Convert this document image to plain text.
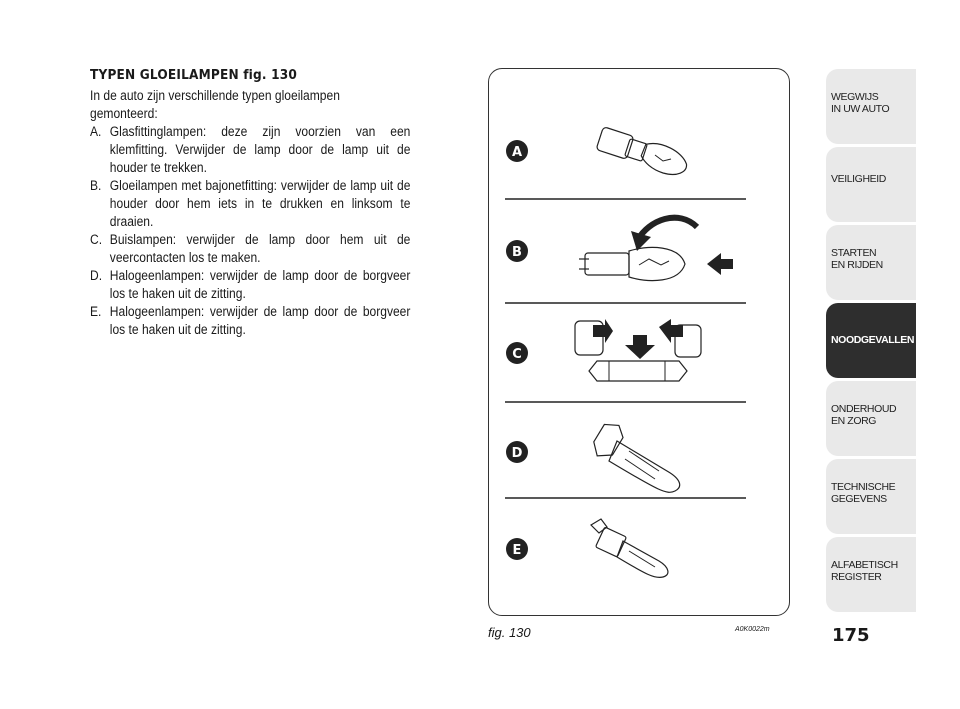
TYPEN GLOEILAMPEN fig. 130
In de auto zijn verschillende typen gloeilampen gemonteerd:
A. Glasfittinglampen: deze zijn voorzien van een klemfitting. Verwijder de lamp door de lamp uit de houder te trekken.
B. Gloeilampen met bajonetfitting: verwijder de lamp uit de houder door hem iets in te drukken en linksom te draaien.
C. Buislampen: verwijder de lamp door hem uit de veercontacten los te maken.
D. Halogeenlampen: verwijder de lamp door de borgveer los te haken uit de zitting.
E. Halogeenlampen: verwijder de lamp door de borgveer los te haken uit de zitting.
A
B
C
D
E
fig. 130	A0K0022m
WEGWIJS
IN UW AUTO
VEILIGHEID
STARTEN
EN RIJDEN
NOODGEVALLEN
ONDERHOUD
EN ZORG
TECHNISCHE
GEGEVENS
ALFABETISCH
REGISTER
175
